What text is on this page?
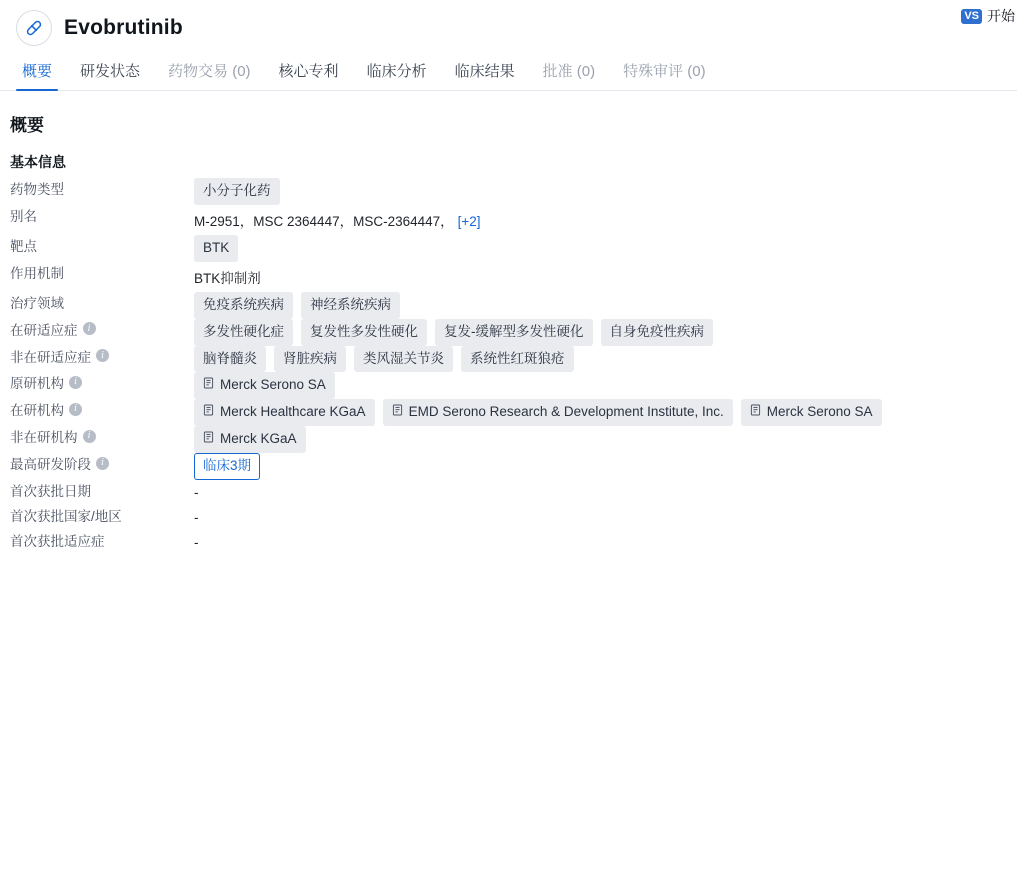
Evobrutinib
VS 开始
概要	研发状态	药物交易 (0)	核心专利	临床分析	临床结果	批准 (0)	特殊审评 (0)
概要
基本信息
药物类型	小分子化药

别名	M-2951，MSC 2364447，MSC-2364447， [+2]

靶点	BTK

作用机制	BTK抑制剂

治疗领域	免疫系统疾病 神经系统疾病

在研适应症 i	多发性硬化症 复发性多发性硬化 复发-缓解型多发性硬化 自身免疫性疾病

非在研适应症 i	脑脊髓炎 肾脏疾病 类风湿关节炎 系统性红斑狼疮

原研机构 i	Merck Serono SA

在研机构 i	Merck Healthcare KGaA EMD Serono Research & Development Institute, Inc. Merck Serono SA

非在研机构 i	Merck KGaA

最高研发阶段 i	临床3期

首次获批日期	-

首次获批国家/地区	-

首次获批适应症	-
